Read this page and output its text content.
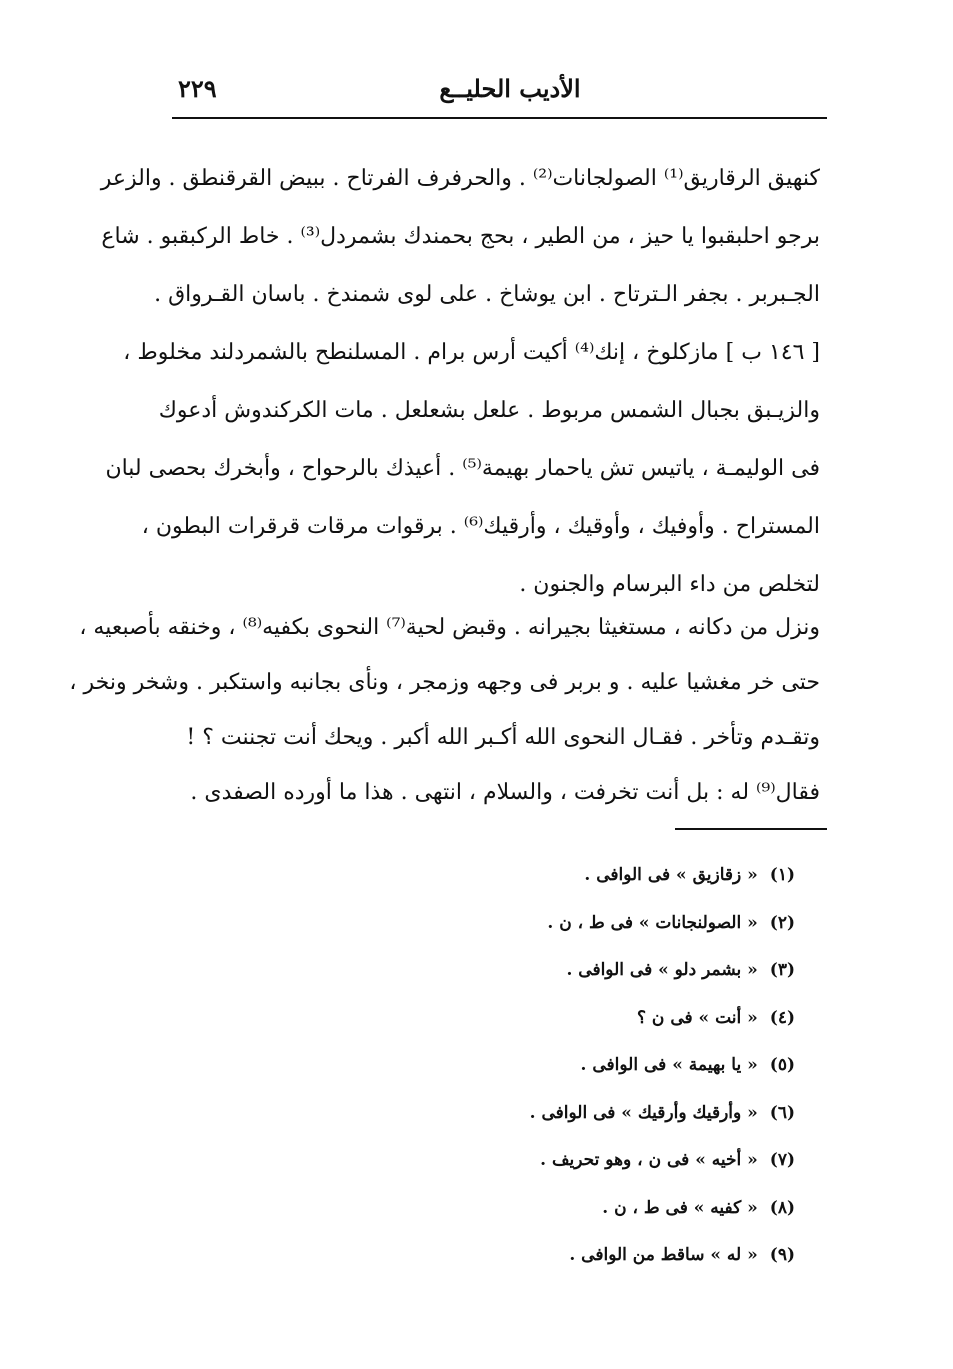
٢٢٩	الأديب الحليــع
كنهيق الرقاريق⁽¹⁾ الصولجانات⁽²⁾ . والحرفرف الفرتاح . ببيض القرقنطق . والزعر
برجو احلبقبوا يا حيز ، من الطير ، بحج بحمندك بشمردل⁽³⁾ . خاط الركبقبو . شاع
الجـبربر . بجفر الـترتاح . ابن يوشاخ . على لوى شمندخ . باسان القـرواق .
[ ١٤٦ ب ] مازكلوخ ، إنك⁽⁴⁾ أكيت أرس برام . المسلنطح بالشمردلند مخلوط ،
والزيـبق بجبال الشمس مربوط . علعل بشعلعل . مات الكركندوش أدعوك
فى الوليمـة ، ياتيس تش ياحمار بهيمة⁽⁵⁾ . أعيذك بالرحواح ، وأبخرك بحصى لبان
المستراح . وأوفيك ، وأوقيك ، وأرقيك⁽⁶⁾ . برقوات مرقات قرقرات البطون ،
لتخلص من داء البرسام والجنون .
ونزل من دكانه ، مستغيثا بجيرانه . وقبض لحية⁽⁷⁾ النحوى بكفيه⁽⁸⁾ ، وخنقه بأصبعيه ،
حتى خر مغشيا عليه . و بربر فى وجهه وزمجر ، ونأى بجانبه واستكبر . وشخر ونخر ،
وتقـدم وتأخر . فقـال النحوى الله أكـبر الله أكبر . ويحك أنت تجننت ؟ !
فقال⁽⁹⁾ له : بل أنت تخرفت ، والسلام ، انتهى . هذا ما أورده الصفدى .
(١)« زقازيق » فى الوافى .
(٢)« الصولنجانات » فى ط ، ن .
(٣)« بشمر دلو » فى الوافى .
(٤)« أنت » فى ن ؟
(٥)« يا بهيمة » فى الوافى .
(٦)« وأرقيك وأرقيك » فى الوافى .
(٧)« أخيه » فى ن ، وهو تحريف .
(٨)« كفيه » فى ط ، ن .
(٩)« له » ساقط من الوافى .
